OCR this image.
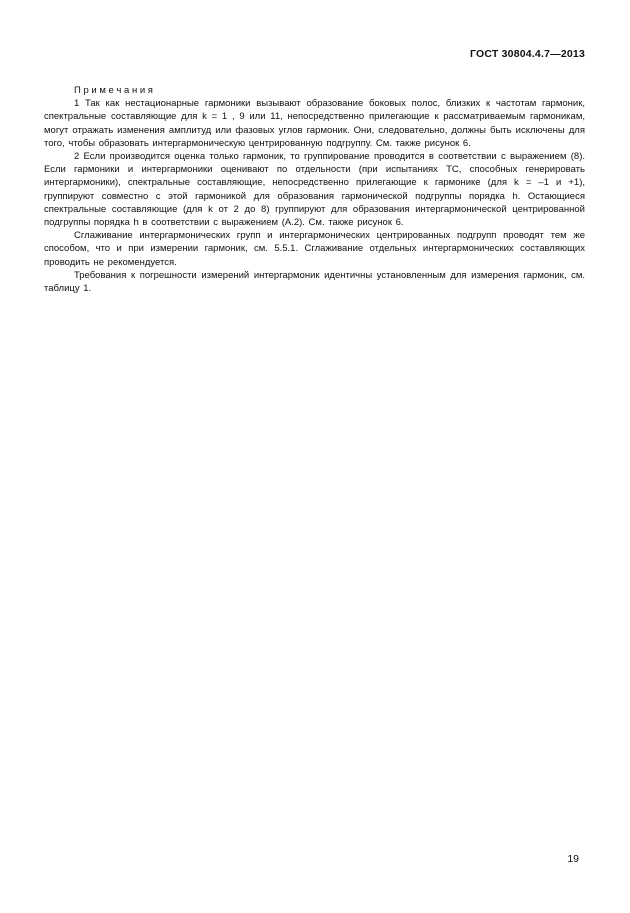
ГОСТ 30804.4.7—2013

П р и м е ч а н и я

1 Так как нестационарные гармоники вызывают образование боковых полос, близких к частотам гармоник, спектральные составляющие для k = 1 , 9 или 11, непосредственно прилегающие к рассматриваемым гармоникам, могут отражать изменения амплитуд или фазовых углов гармоник. Они, следовательно, должны быть исключены для того, чтобы образовать интергармоническую центрированную подгруппу. См. также рисунок 6.

2 Если производится оценка только гармоник, то группирование проводится в соответствии с выражением (8). Если гармоники и интергармоники оценивают по отдельности (при испытаниях ТС, способных генерировать интергармоники), спектральные составляющие, непосредственно прилегающие к гармонике (для k = –1 и +1), группируют совместно с этой гармоникой для образования гармонической подгруппы порядка h. Остающиеся спектральные составляющие (для k от 2 до 8) группируют для образования интергармонической центрированной подгруппы порядка h в соответствии с выражением (А.2). См. также рисунок 6.

Сглаживание интергармонических групп и интергармонических центрированных подгрупп проводят тем же способом, что и при измерении гармоник, см. 5.5.1. Сглаживание отдельных интергармонических составляющих проводить не рекомендуется.

Требования к погрешности измерений интергармоник идентичны установленным для измерения гармоник, см. таблицу 1.

19
